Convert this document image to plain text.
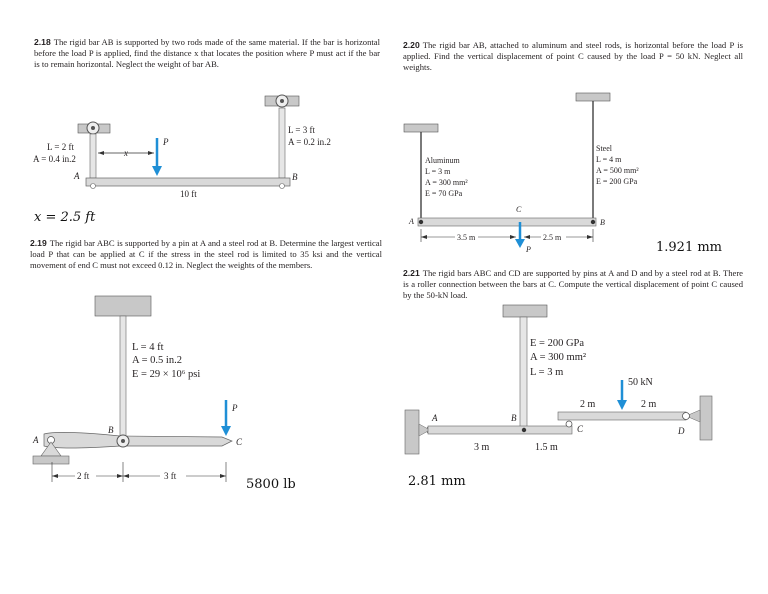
2.18 The rigid bar AB is supported by two rods made of the same material. If the bar is horizontal before the load P is applied, find the distance x that locates the position where P must act if the bar is to remain horizontal. Neglect the weight of bar AB.
2.19 The rigid bar ABC is supported by a pin at A and a steel rod at B. Determine the largest vertical load P that can be applied at C if the stress in the steel rod is limited to 35 ksi and the vertical movement of end C must not exceed 0.12 in. Neglect the weights of the members.
2.20 The rigid bar AB, attached to aluminum and steel rods, is horizontal before the load P is applied. Find the vertical displacement of point C caused by the load P = 50 kN. Neglect all weights.
2.21 The rigid bars ABC and CD are supported by pins at A and D and by a steel rod at B. There is a roller connection between the bars at C. Compute the vertical displacement of point C caused by the 50-kN load.
x = 2.5 ft
5800 lb
1.921 mm
2.81 mm
x
P
L = 2 ft
A = 0.4 in.2
L = 3 ft
A = 0.2 in.2
A	B
10 ft
P
L = 4 ft
A = 0.5 in.2
E = 29 × 10⁶ psi
A
B
C
2 ft	3 ft
P
Aluminum
L = 3 m
A = 300 mm²
E = 70 GPa
Steel
L = 4 m
A = 500 mm²
E = 200 GPa
A	B
C
3.5 m	2.5 m
50 kN
E = 200 GPa
A = 300 mm²
L = 3 m
A	B
C	D
3 m	1.5 m
2 m	2 m
